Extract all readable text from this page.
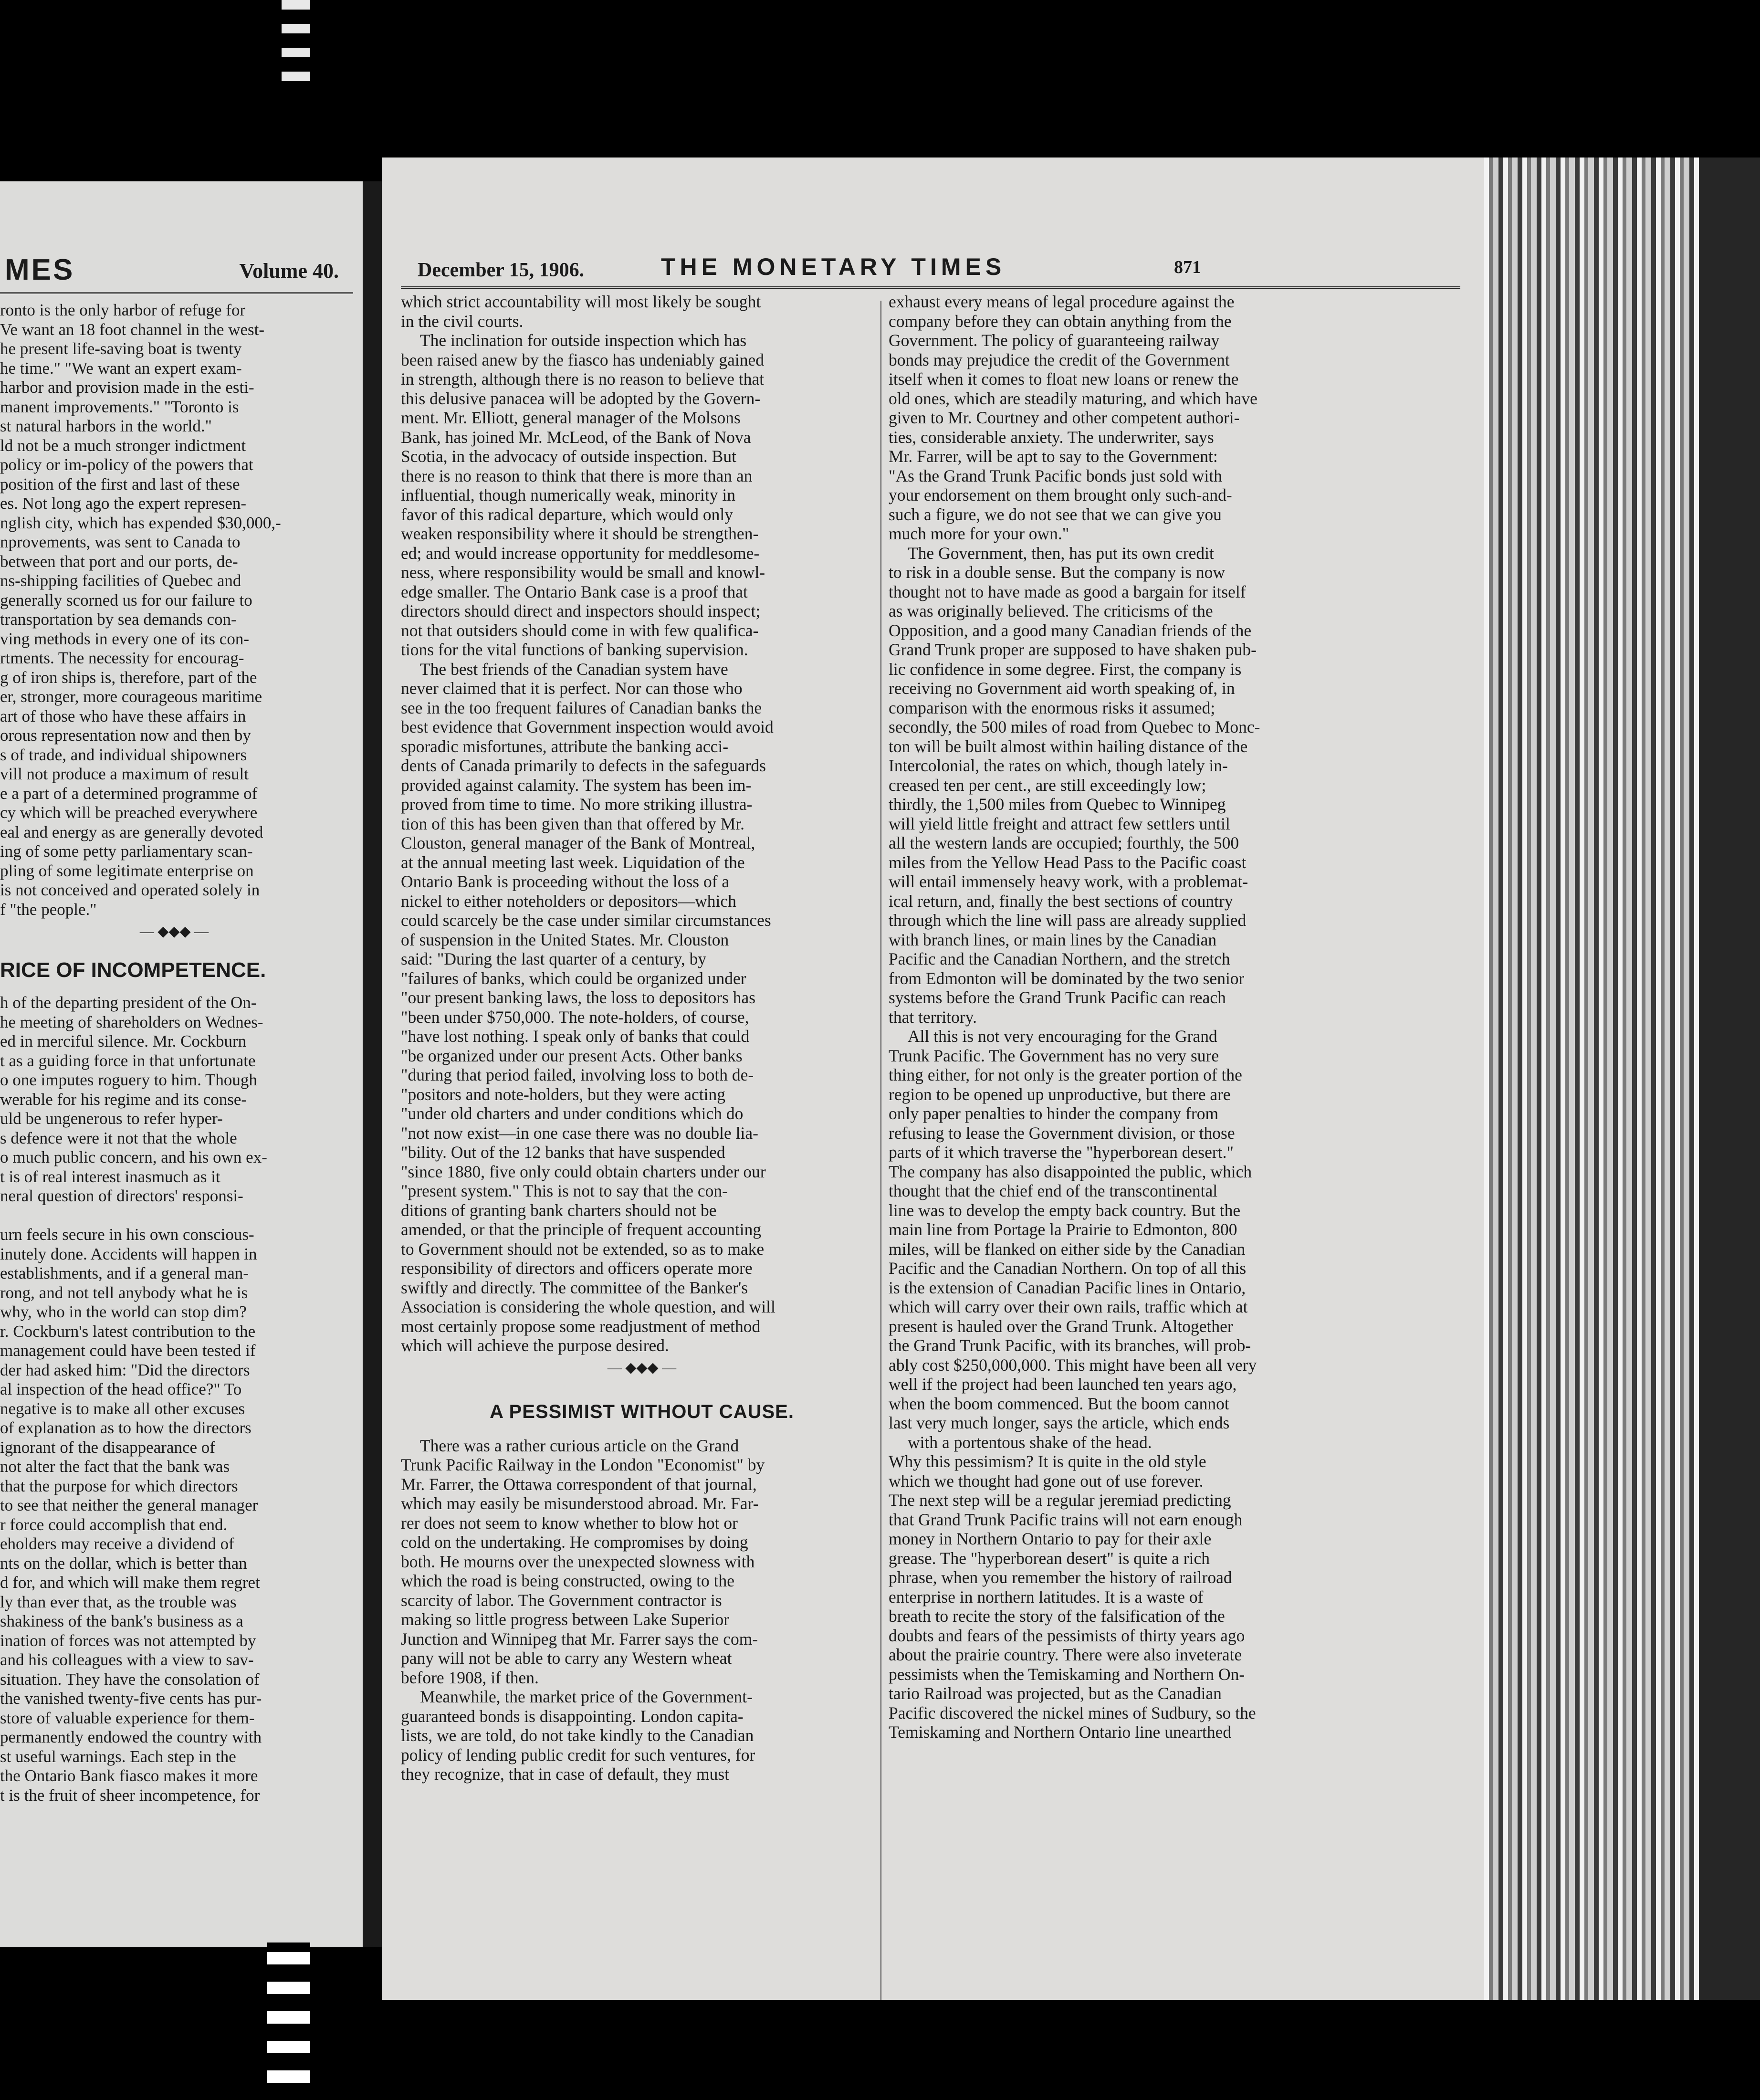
MES	Volume 40.

ronto is the only harbor of refuge for

Ve want an 18 foot channel in the west-

he present life-saving boat is twenty

he time." "We want an expert exam-

harbor and provision made in the esti-

manent improvements." "Toronto is

st natural harbors in the world."

ld not be a much stronger indictment

policy or im-policy of the powers that

position of the first and last of these

es. Not long ago the expert represen-

nglish city, which has expended $30,000,-

nprovements, was sent to Canada to

between that port and our ports, de-

ns-shipping facilities of Quebec and

generally scorned us for our failure to

transportation by sea demands con-

ving methods in every one of its con-

rtments. The necessity for encourag-

g of iron ships is, therefore, part of the

er, stronger, more courageous maritime

art of those who have these affairs in

orous representation now and then by

s of trade, and individual shipowners

vill not produce a maximum of result

e a part of a determined programme of

cy which will be preached everywhere

eal and energy as are generally devoted

ing of some petty parliamentary scan-

pling of some legitimate enterprise on

is not conceived and operated solely in

f "the people."

— ◆◆◆ —
RICE OF INCOMPETENCE.

h of the departing president of the On-

he meeting of shareholders on Wednes-

ed in merciful silence. Mr. Cockburn

t as a guiding force in that unfortunate

o one imputes roguery to him. Though

werable for his regime and its conse-

uld be ungenerous to refer hyper-

s defence were it not that the whole

o much public concern, and his own ex-

t is of real interest inasmuch as it

neral question of directors' responsi-

urn feels secure in his own conscious-

inutely done. Accidents will happen in

establishments, and if a general man-

rong, and not tell anybody what he is

why, who in the world can stop dim?

r. Cockburn's latest contribution to the

management could have been tested if

der had asked him: "Did the directors

al inspection of the head office?" To

negative is to make all other excuses

of explanation as to how the directors

ignorant of the disappearance of

not alter the fact that the bank was

that the purpose for which directors

to see that neither the general manager

r force could accomplish that end.

eholders may receive a dividend of

nts on the dollar, which is better than

d for, and which will make them regret

ly than ever that, as the trouble was

shakiness of the bank's business as a

ination of forces was not attempted by

and his colleagues with a view to sav-

situation. They have the consolation of

the vanished twenty-five cents has pur-

store of valuable experience for them-

permanently endowed the country with

st useful warnings. Each step in the

the Ontario Bank fiasco makes it more

t is the fruit of sheer incompetence, for

December 15, 1906.	THE MONETARY TIMES	871

which strict accountability will most likely be sought

in the civil courts.

The inclination for outside inspection which has

been raised anew by the fiasco has undeniably gained

in strength, although there is no reason to believe that

this delusive panacea will be adopted by the Govern-

ment. Mr. Elliott, general manager of the Molsons

Bank, has joined Mr. McLeod, of the Bank of Nova

Scotia, in the advocacy of outside inspection. But

there is no reason to think that there is more than an

influential, though numerically weak, minority in

favor of this radical departure, which would only

weaken responsibility where it should be strengthen-

ed; and would increase opportunity for meddlesome-

ness, where responsibility would be small and knowl-

edge smaller. The Ontario Bank case is a proof that

directors should direct and inspectors should inspect;

not that outsiders should come in with few qualifica-

tions for the vital functions of banking supervision.

The best friends of the Canadian system have

never claimed that it is perfect. Nor can those who

see in the too frequent failures of Canadian banks the

best evidence that Government inspection would avoid

sporadic misfortunes, attribute the banking acci-

dents of Canada primarily to defects in the safeguards

provided against calamity. The system has been im-

proved from time to time. No more striking illustra-

tion of this has been given than that offered by Mr.

Clouston, general manager of the Bank of Montreal,

at the annual meeting last week. Liquidation of the

Ontario Bank is proceeding without the loss of a

nickel to either noteholders or depositors—which

could scarcely be the case under similar circumstances

of suspension in the United States. Mr. Clouston

said: "During the last quarter of a century, by

"failures of banks, which could be organized under

"our present banking laws, the loss to depositors has

"been under $750,000. The note-holders, of course,

"have lost nothing. I speak only of banks that could

"be organized under our present Acts. Other banks

"during that period failed, involving loss to both de-

"positors and note-holders, but they were acting

"under old charters and under conditions which do

"not now exist—in one case there was no double lia-

"bility. Out of the 12 banks that have suspended

"since 1880, five only could obtain charters under our

"present system." This is not to say that the con-

ditions of granting bank charters should not be

amended, or that the principle of frequent accounting

to Government should not be extended, so as to make

responsibility of directors and officers operate more

swiftly and directly. The committee of the Banker's

Association is considering the whole question, and will

most certainly propose some readjustment of method

which will achieve the purpose desired.

— ◆◆◆ —
A PESSIMIST WITHOUT CAUSE.

There was a rather curious article on the Grand

Trunk Pacific Railway in the London "Economist" by

Mr. Farrer, the Ottawa correspondent of that journal,

which may easily be misunderstood abroad. Mr. Far-

rer does not seem to know whether to blow hot or

cold on the undertaking. He compromises by doing

both. He mourns over the unexpected slowness with

which the road is being constructed, owing to the

scarcity of labor. The Government contractor is

making so little progress between Lake Superior

Junction and Winnipeg that Mr. Farrer says the com-

pany will not be able to carry any Western wheat

before 1908, if then.

Meanwhile, the market price of the Government-

guaranteed bonds is disappointing. London capita-

lists, we are told, do not take kindly to the Canadian

policy of lending public credit for such ventures, for

they recognize, that in case of default, they must

exhaust every means of legal procedure against the

company before they can obtain anything from the

Government. The policy of guaranteeing railway

bonds may prejudice the credit of the Government

itself when it comes to float new loans or renew the

old ones, which are steadily maturing, and which have

given to Mr. Courtney and other competent authori-

ties, considerable anxiety. The underwriter, says

Mr. Farrer, will be apt to say to the Government:

"As the Grand Trunk Pacific bonds just sold with

your endorsement on them brought only such-and-

such a figure, we do not see that we can give you

much more for your own."

The Government, then, has put its own credit

to risk in a double sense. But the company is now

thought not to have made as good a bargain for itself

as was originally believed. The criticisms of the

Opposition, and a good many Canadian friends of the

Grand Trunk proper are supposed to have shaken pub-

lic confidence in some degree. First, the company is

receiving no Government aid worth speaking of, in

comparison with the enormous risks it assumed;

secondly, the 500 miles of road from Quebec to Monc-

ton will be built almost within hailing distance of the

Intercolonial, the rates on which, though lately in-

creased ten per cent., are still exceedingly low;

thirdly, the 1,500 miles from Quebec to Winnipeg

will yield little freight and attract few settlers until

all the western lands are occupied; fourthly, the 500

miles from the Yellow Head Pass to the Pacific coast

will entail immensely heavy work, with a problemat-

ical return, and, finally the best sections of country

through which the line will pass are already supplied

with branch lines, or main lines by the Canadian

Pacific and the Canadian Northern, and the stretch

from Edmonton will be dominated by the two senior

systems before the Grand Trunk Pacific can reach

that territory.

All this is not very encouraging for the Grand

Trunk Pacific. The Government has no very sure

thing either, for not only is the greater portion of the

region to be opened up unproductive, but there are

only paper penalties to hinder the company from

refusing to lease the Government division, or those

parts of it which traverse the "hyperborean desert."

The company has also disappointed the public, which

thought that the chief end of the transcontinental

line was to develop the empty back country. But the

main line from Portage la Prairie to Edmonton, 800

miles, will be flanked on either side by the Canadian

Pacific and the Canadian Northern. On top of all this

is the extension of Canadian Pacific lines in Ontario,

which will carry over their own rails, traffic which at

present is hauled over the Grand Trunk. Altogether

the Grand Trunk Pacific, with its branches, will prob-

ably cost $250,000,000. This might have been all very

well if the project had been launched ten years ago,

when the boom commenced. But the boom cannot

last very much longer, says the article, which ends

with a portentous shake of the head.

Why this pessimism? It is quite in the old style

which we thought had gone out of use forever.

The next step will be a regular jeremiad predicting

that Grand Trunk Pacific trains will not earn enough

money in Northern Ontario to pay for their axle

grease. The "hyperborean desert" is quite a rich

phrase, when you remember the history of railroad

enterprise in northern latitudes. It is a waste of

breath to recite the story of the falsification of the

doubts and fears of the pessimists of thirty years ago

about the prairie country. There were also inveterate

pessimists when the Temiskaming and Northern On-

tario Railroad was projected, but as the Canadian

Pacific discovered the nickel mines of Sudbury, so the

Temiskaming and Northern Ontario line unearthed
